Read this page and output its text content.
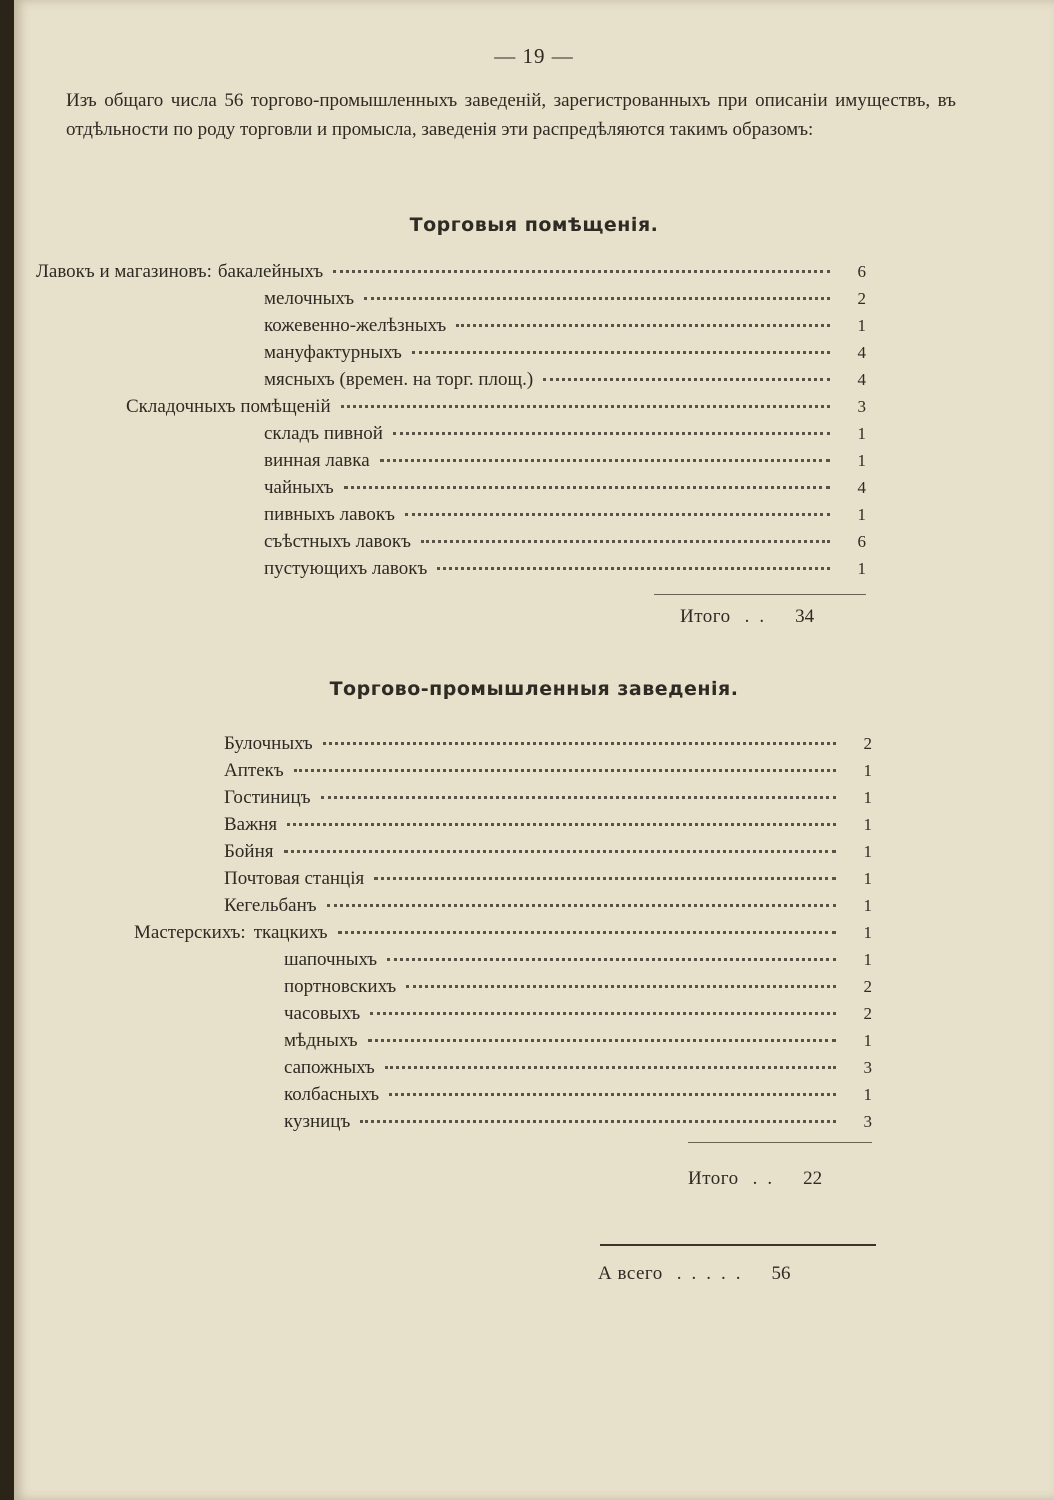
— 19 —

Изъ общаго числа 56 торгово-промышленныхъ заведеній, зарегистрованныхъ при описаніи имуществъ, въ отдѣльности по роду торговли и промысла, заведенія эти распредѣляются такимъ образомъ:

Торговыя помѣщенія.
Лавокъ и магазиновъ: бакалейныхъ	6
мелочныхъ	2
кожевенно-желѣзныхъ	1
мануфактурныхъ	4
мясныхъ (времен. на торг. площ.)	4
Складочныхъ помѣщеній	3
складъ пивной	1
винная лавка	1
чайныхъ	4
пивныхъ лавокъ	1
съѣстныхъ лавокъ	6
пустующихъ лавокъ	1
Итого ..	34
Торгово-промышленныя заведенія.
Булочныхъ	2
Аптекъ	1
Гостиницъ	1
Важня	1
Бойня	1
Почтовая станція	1
Кегельбанъ	1
Мастерскихъ: ткацкихъ	1
шапочныхъ	1
портновскихъ	2
часовыхъ	2
мѣдныхъ	1
сапожныхъ	3
колбасныхъ	1
кузницъ	3
Итого ..	22
А всего .....	56
